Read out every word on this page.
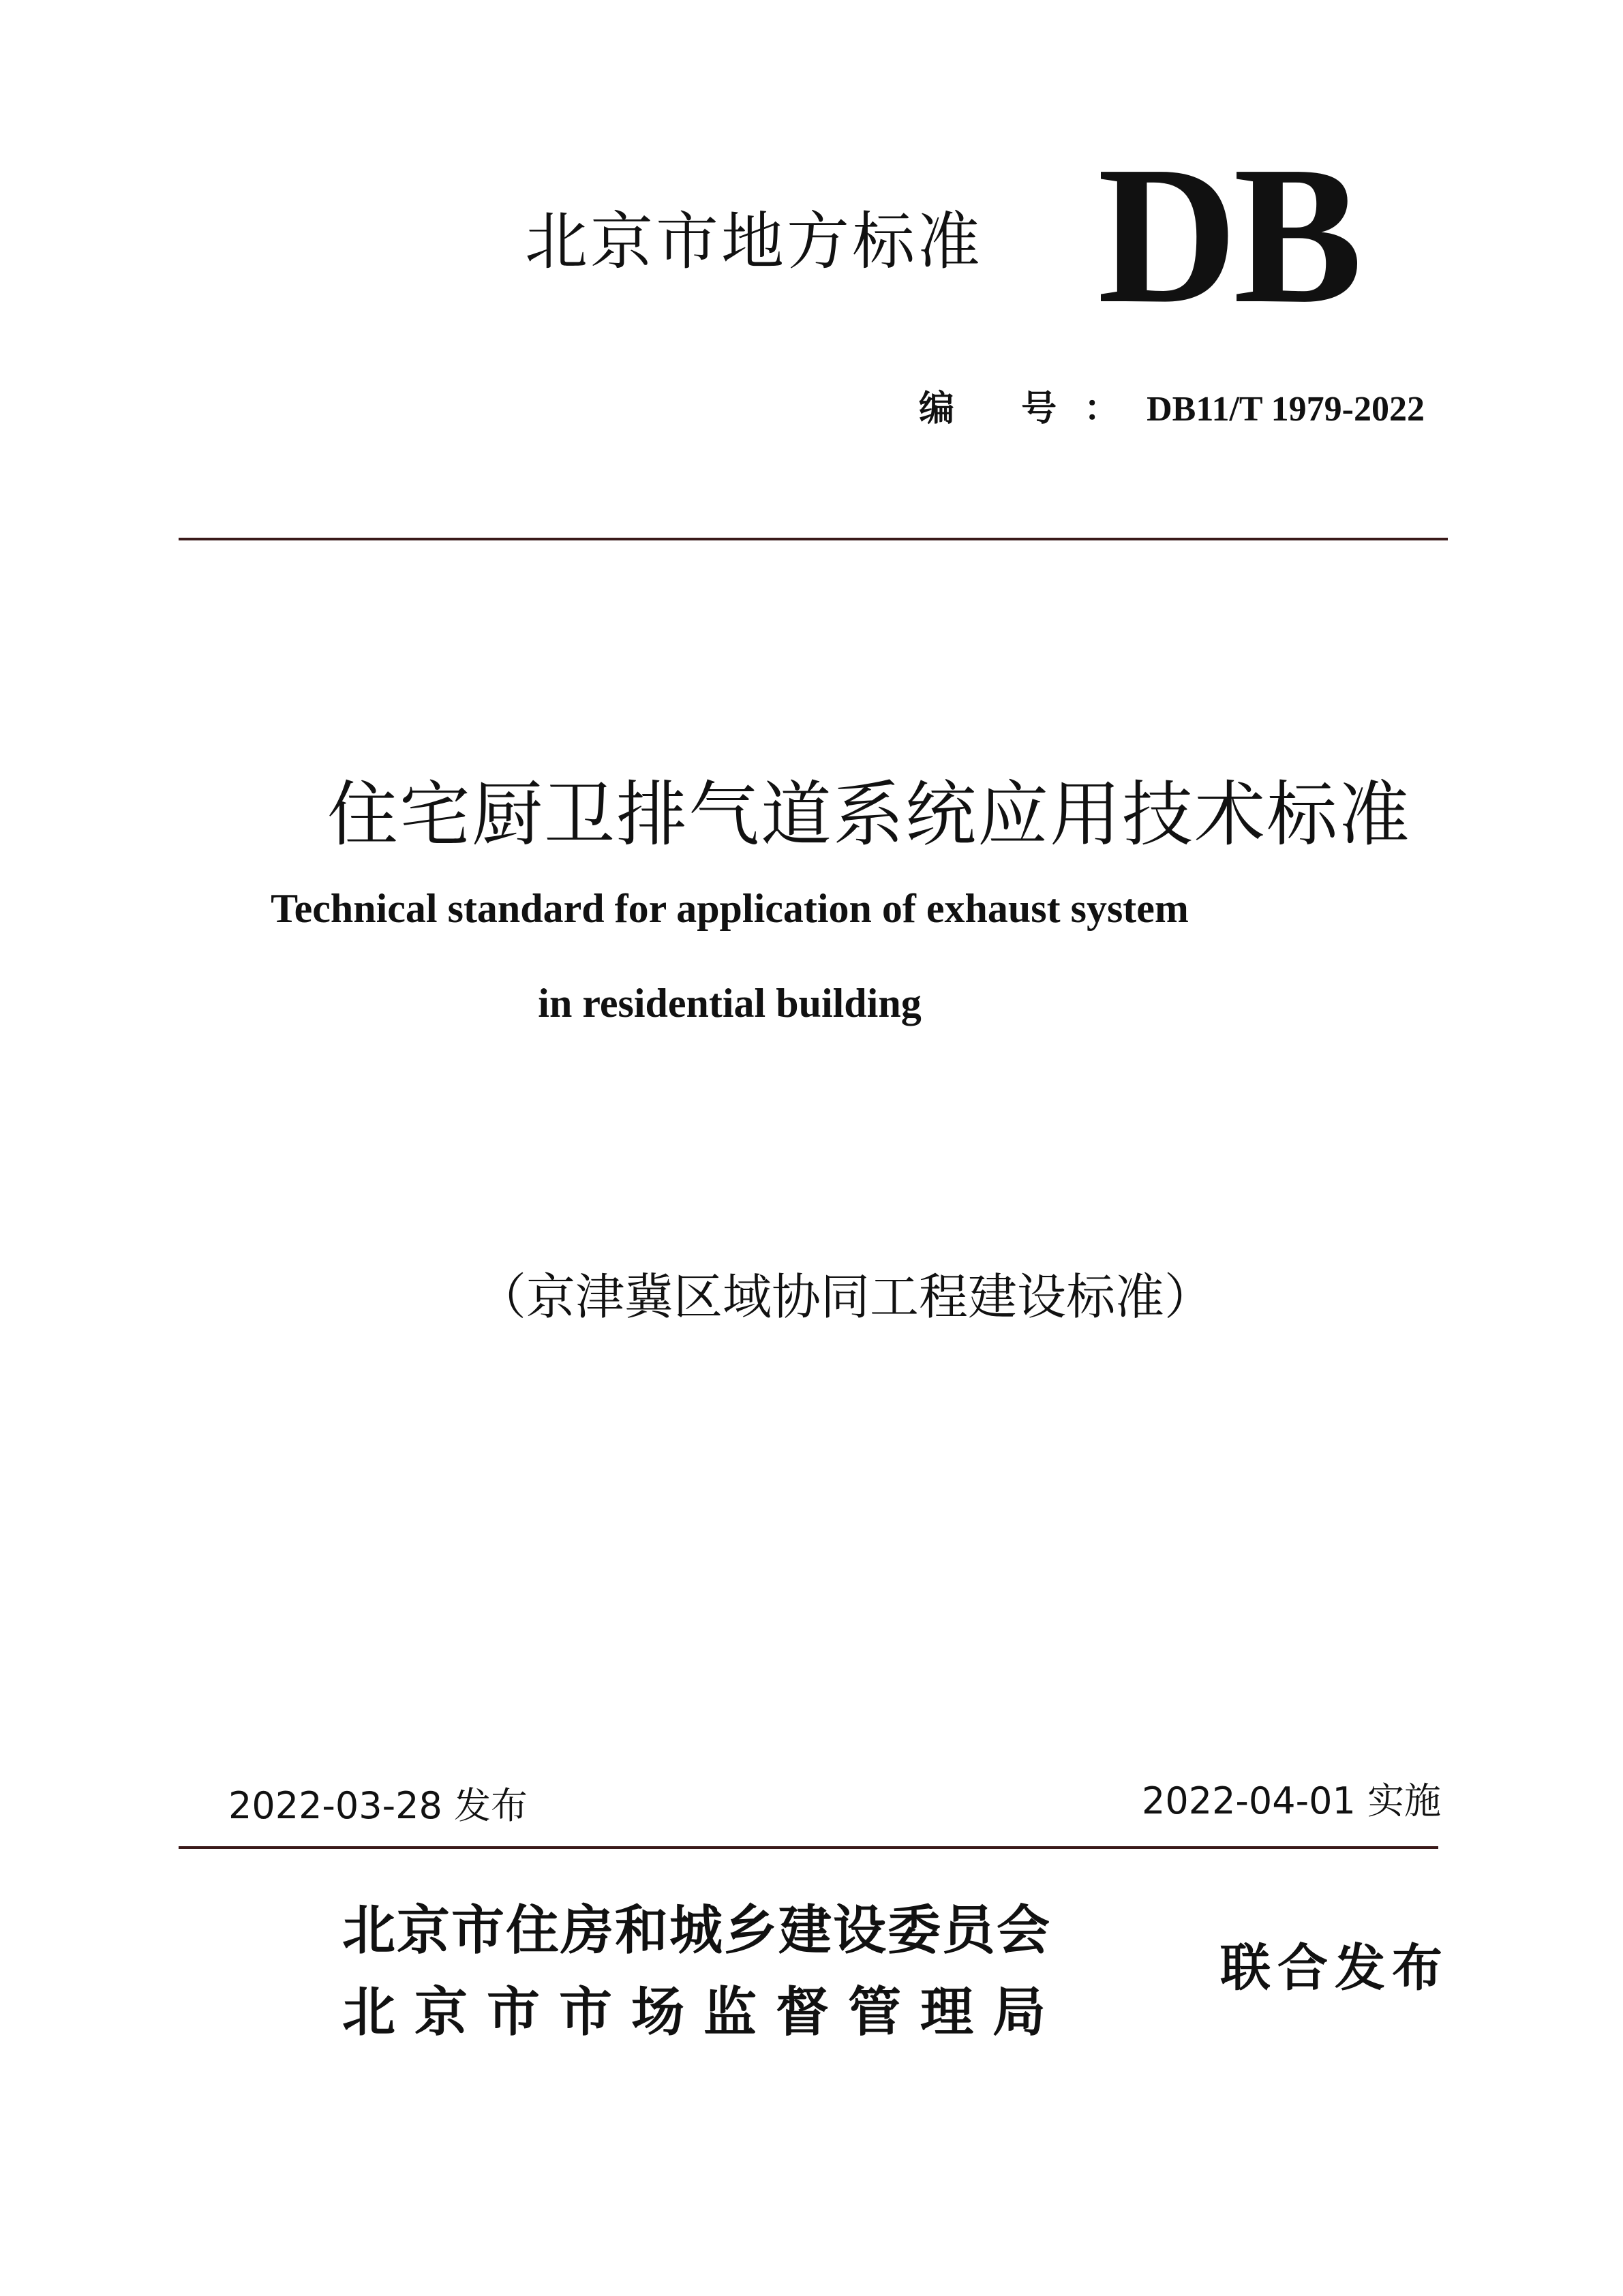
北京市地方标准 DB
编 号：DB11/T 1979-2022
住宅厨卫排气道系统应用技术标准
Technical standard for application of exhaust system
in residential building
（京津冀区域协同工程建设标准）
2022-03-28 发布	2022-04-01 实施
北京市住房和城乡建设委员会
北京市市场监督管理局
联合发布
